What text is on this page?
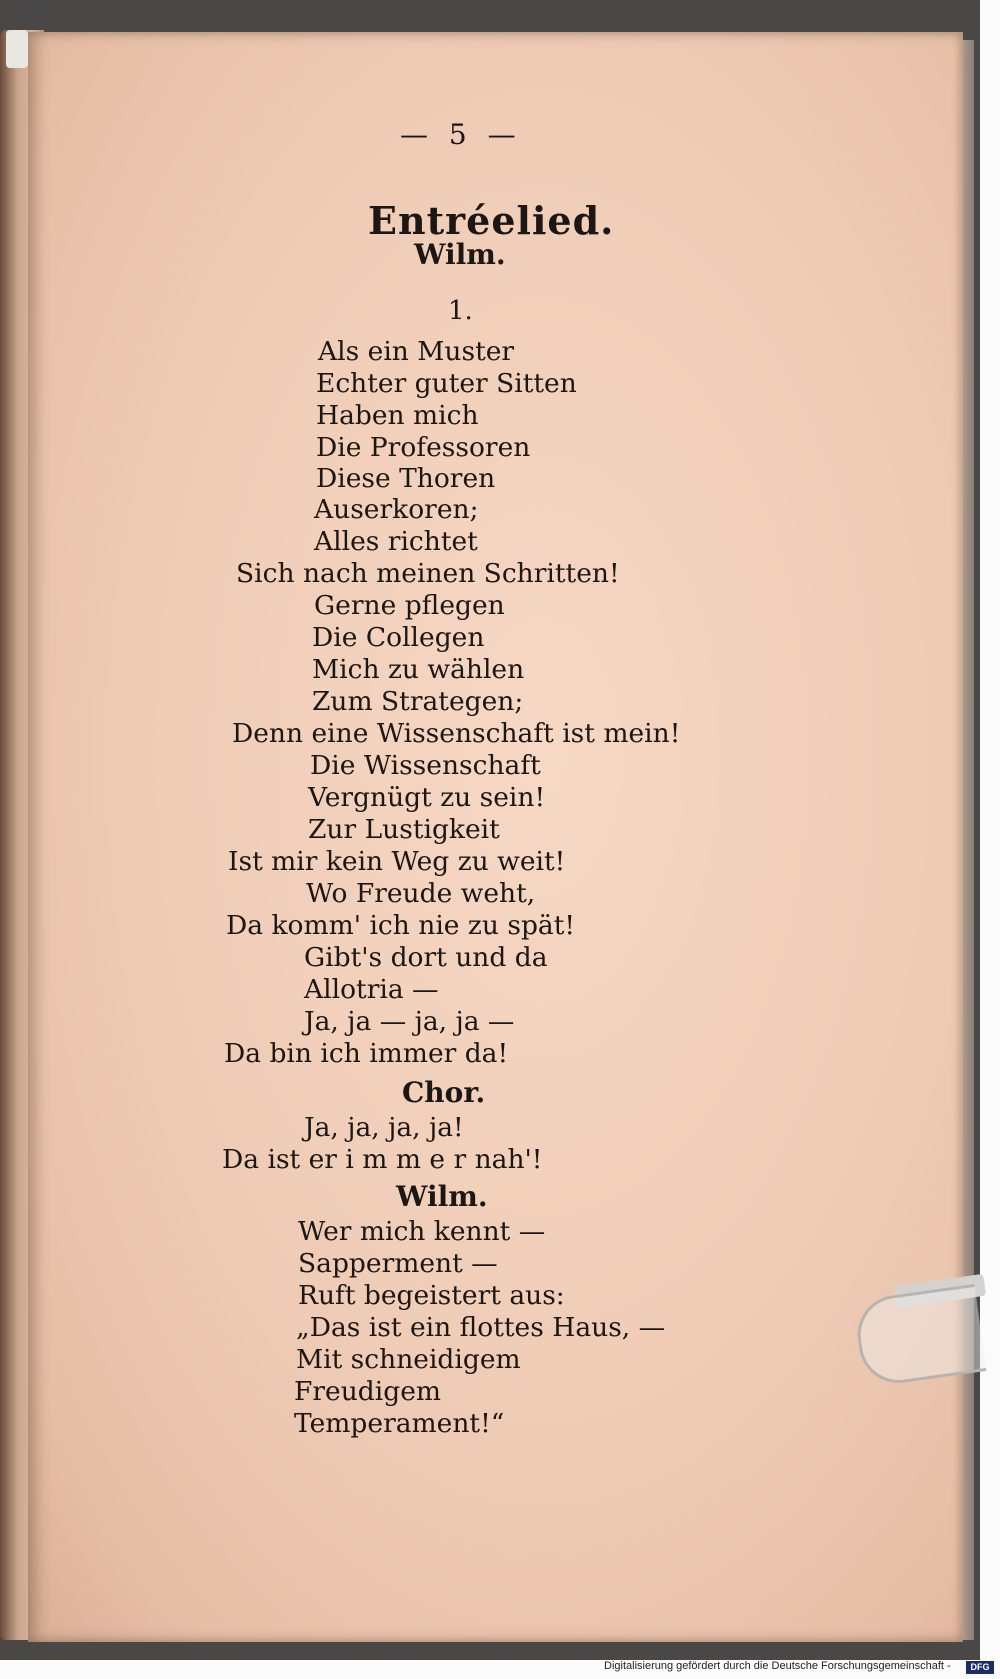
— 5 —
Entréelied.
Wilm.
1.
Als ein Muster
Echter guter Sitten
Haben mich
Die Professoren
Diese Thoren
Auserkoren;
Alles richtet
Sich nach meinen Schritten!
Gerne pflegen
Die Collegen
Mich zu wählen
Zum Strategen;
Denn eine Wissenschaft ist mein!
Die Wissenschaft
Vergnügt zu sein!
Zur Lustigkeit
Ist mir kein Weg zu weit!
Wo Freude weht,
Da komm' ich nie zu spät!
Gibt's dort und da
Allotria —
Ja, ja — ja, ja —
Da bin ich immer da!
Chor.
Ja, ja, ja, ja!
Da ist er i m m e r nah'!
Wilm.
Wer mich kennt —
Sapperment —
Ruft begeistert aus:
„Das ist ein flottes Haus, —
Mit schneidigem
Freudigem
Temperament!“
Digitalisierung gefördert durch die Deutsche Forschungsgemeinschaft -	DFG
